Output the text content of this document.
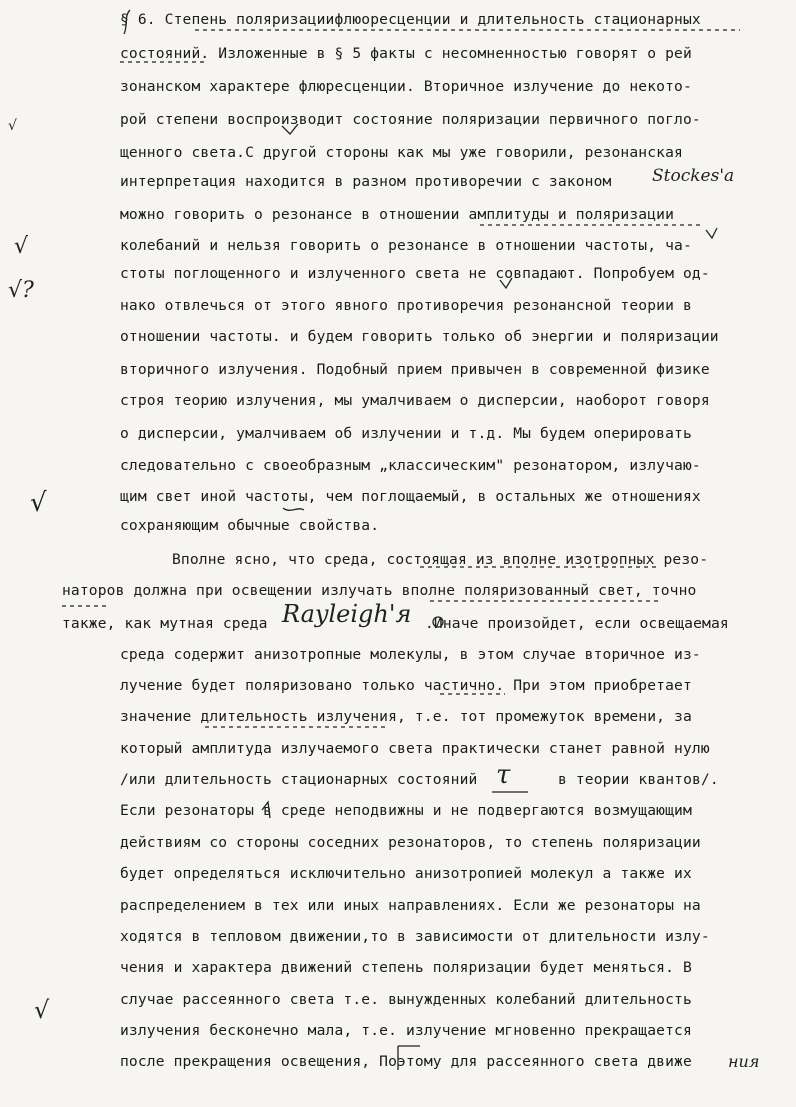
§ 6. Степень поляризациифлюоресценции и длительность стационарных
состояний. Изложенные в § 5 факты с несомненностью говорят о рей
зонанском характере флюресценции. Вторичное излучение до некото-
рой степени воспроизводит состояние поляризации первичного погло-
щенного света.С другой стороны как мы уже говорили, резонанская
интерпретация находится в разном противоречии с законом
можно говорить о резонансе в отношении амплитуды и поляризации
колебаний и нельзя говорить о резонансе в отношении частоты, ча-
стоты поглощенного и излученного света не совпадают. Попробуем од-
нако отвлечься от этого явного противоречия резонансной теории в
отношении частоты. и будем говорить только об энергии и поляризации
вторичного излучения. Подобный прием привычен в современной физике
строя теорию излучения, мы умалчиваем о дисперсии, наоборот говоря
о дисперсии, умалчиваем об излучении и т.д. Мы будем оперировать
следовательно с своеобразным „классическим" резонатором, излучаю-
щим свет иной частоты, чем поглощаемый, в остальных же отношениях
сохраняющим обычные свойства.
Вполне ясно, что среда, состоящая из вполне изотропных резо-
наторов должна при освещении излучать вполне поляризованный свет, точно
также, как мутная среда	.Иначе произойдет, если освещаемая
среда содержит анизотропные молекулы, в этом случае вторичное из-
лучение будет поляризовано только частично. При этом приобретает
значение длительность излучения, т.е. тот промежуток времени, за
который амплитуда излучаемого света практически станет равной нулю
/или длительность стационарных состояний	в теории квантов/.
Если резонаторы в среде неподвижны и не подвергаются возмущающим
действиям со стороны соседних резонаторов, то степень поляризации
будет определяться исключительно анизотропией молекул а также их
распределением в тех или иных направлениях. Если же резонаторы на
ходятся в тепловом движении,то в зависимости от длительности излу-
чения и характера движений степень поляризации будет меняться. В
случае рассеянного света т.е. вынужденных колебаний длительность
излучения бесконечно мала, т.е. излучение мгновенно прекращается
после прекращения освещения, Поэтому для рассеянного света движе
Stockes'a
Rayleigh'я
τ
ния
√
√
√?
√
√
